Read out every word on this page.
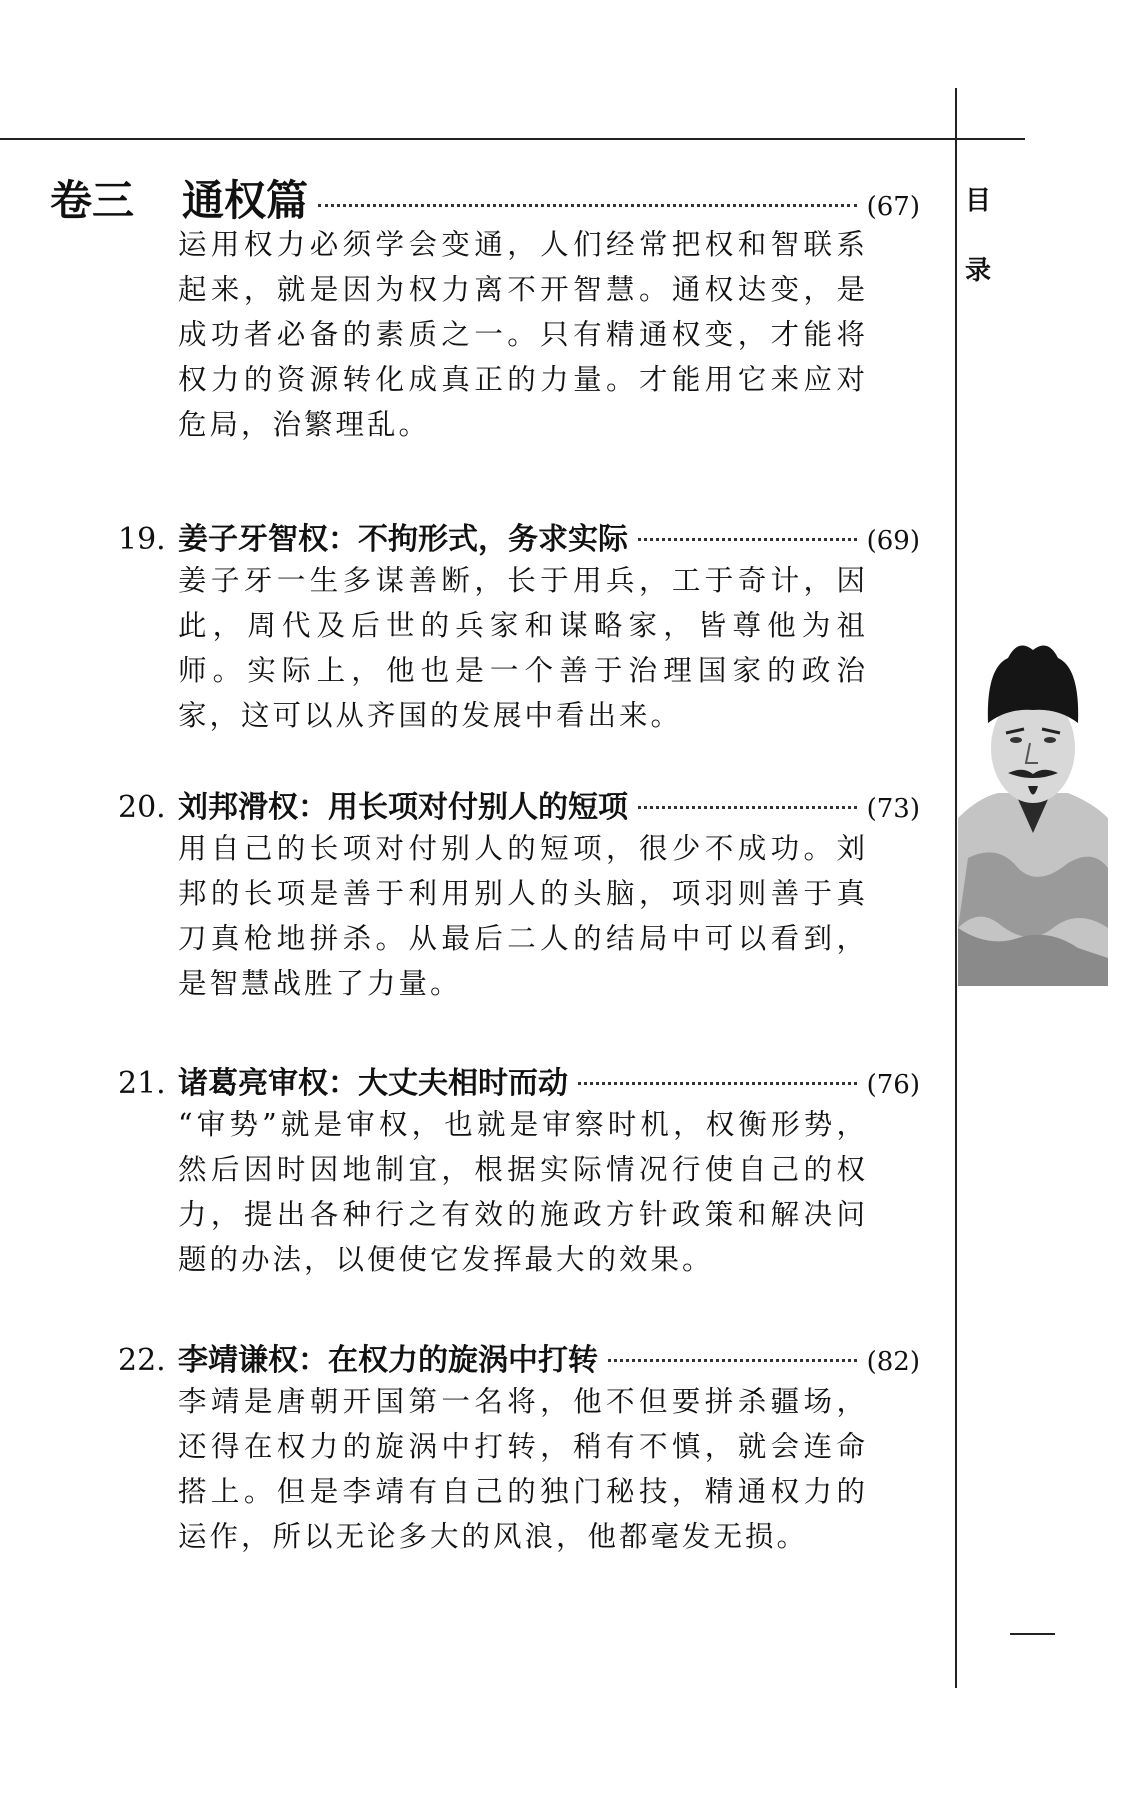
目
录
卷三 通权篇	(67)
运用权力必须学会变通，人们经常把权和智联系起来，就是因为权力离不开智慧。通权达变，是成功者必备的素质之一。只有精通权变，才能将权力的资源转化成真正的力量。才能用它来应对危局，治繁理乱。
19. 姜子牙智权：不拘形式，务求实际	(69)
姜子牙一生多谋善断，长于用兵，工于奇计，因此，周代及后世的兵家和谋略家，皆尊他为祖师。实际上，他也是一个善于治理国家的政治家，这可以从齐国的发展中看出来。
20. 刘邦滑权：用长项对付别人的短项	(73)
用自己的长项对付别人的短项，很少不成功。刘邦的长项是善于利用别人的头脑，项羽则善于真刀真枪地拼杀。从最后二人的结局中可以看到，是智慧战胜了力量。
21. 诸葛亮审权：大丈夫相时而动	(76)
“审势”就是审权，也就是审察时机，权衡形势，然后因时因地制宜，根据实际情况行使自己的权力，提出各种行之有效的施政方针政策和解决问题的办法，以便使它发挥最大的效果。
22. 李靖谦权：在权力的旋涡中打转	(82)
李靖是唐朝开国第一名将，他不但要拼杀疆场，还得在权力的旋涡中打转，稍有不慎，就会连命搭上。但是李靖有自己的独门秘技，精通权力的运作，所以无论多大的风浪，他都毫发无损。
